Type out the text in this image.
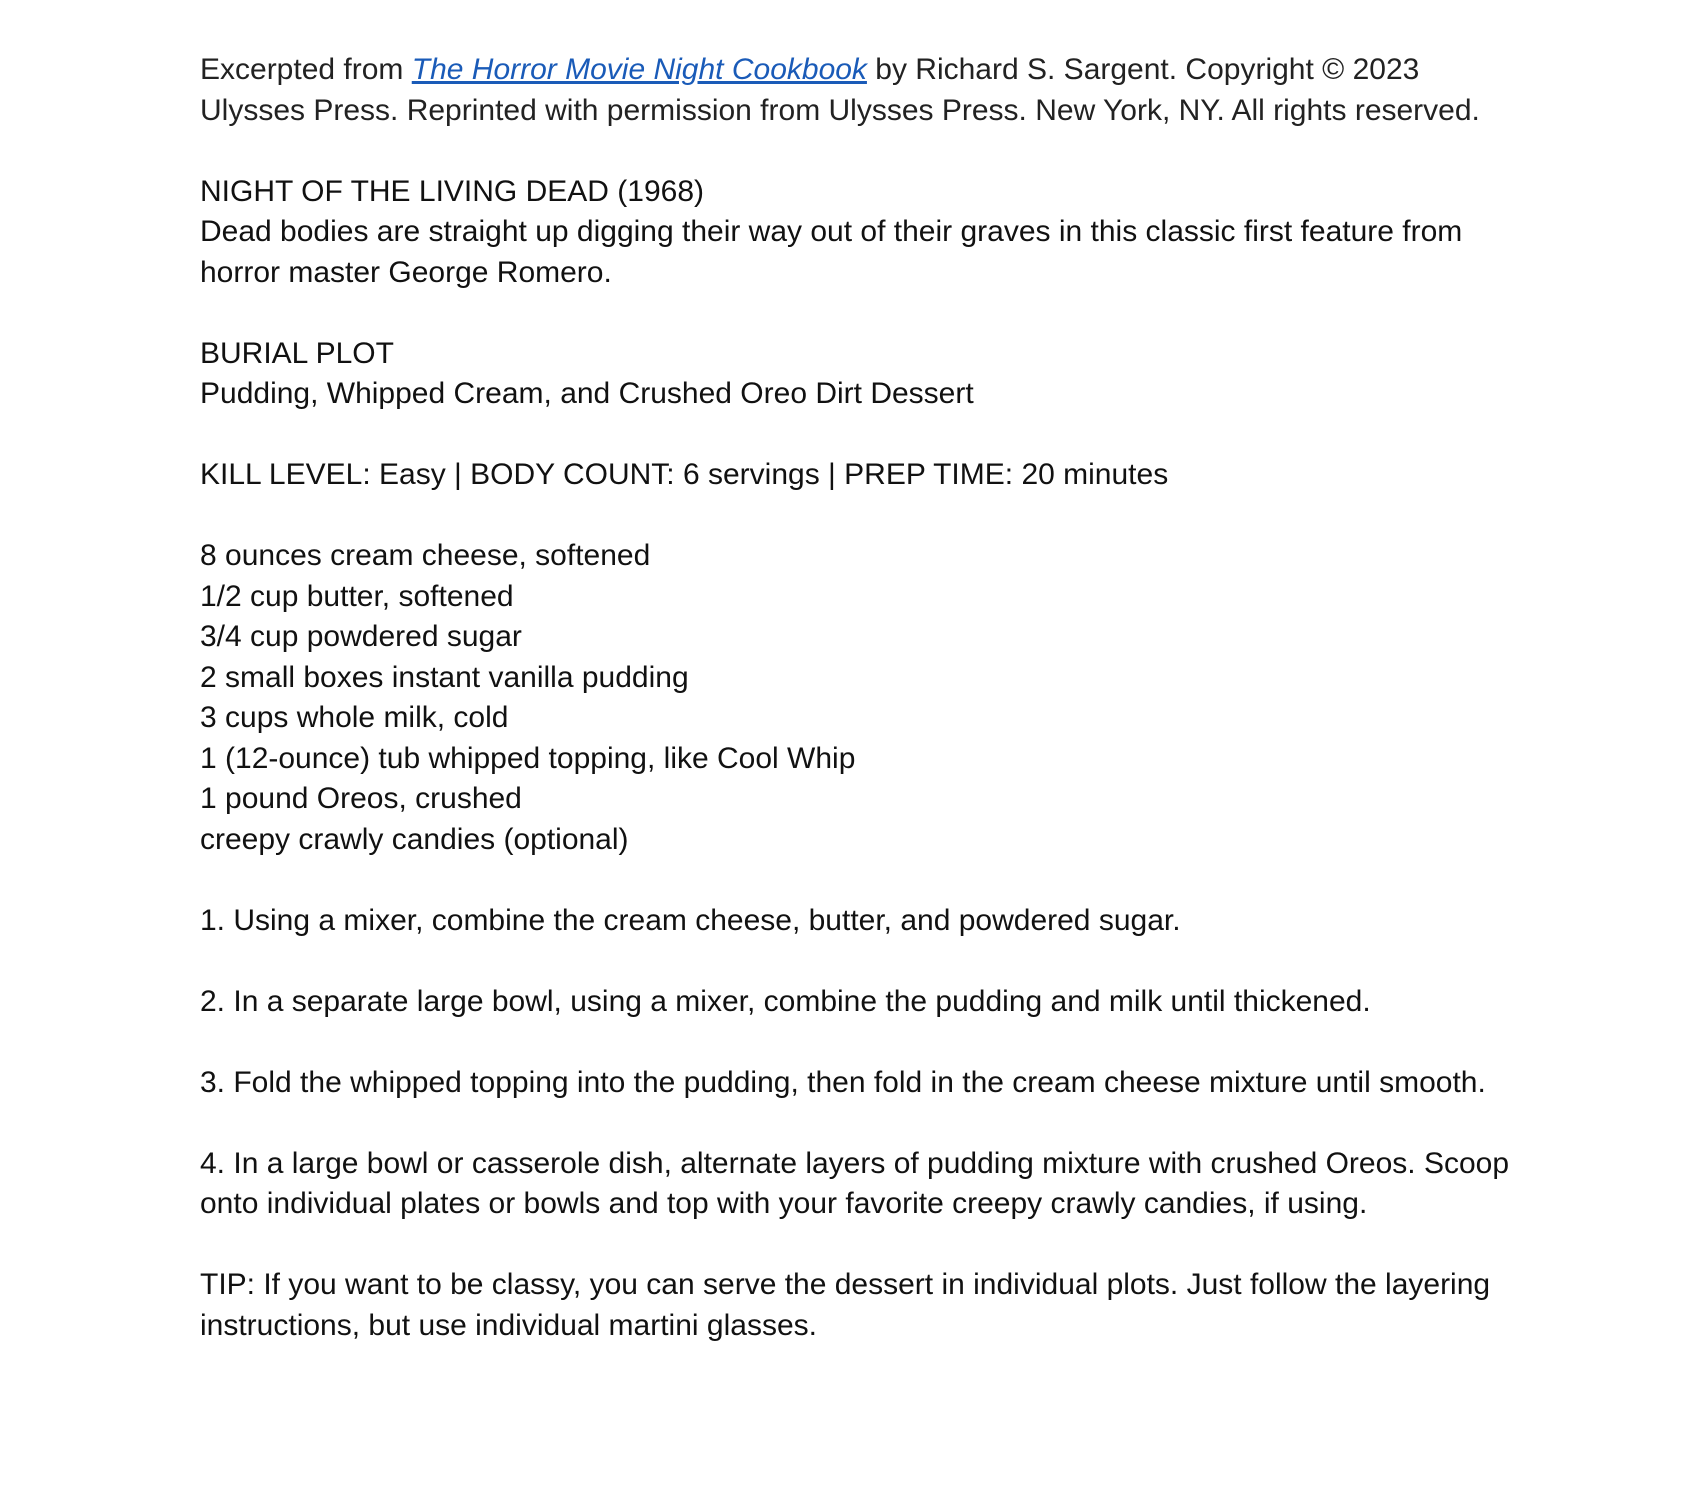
Excerpted from The Horror Movie Night Cookbook by Richard S. Sargent. Copyright © 2023 Ulysses Press. Reprinted with permission from Ulysses Press. New York, NY. All rights reserved.

NIGHT OF THE LIVING DEAD (1968)
Dead bodies are straight up digging their way out of their graves in this classic first feature from horror master George Romero.
BURIAL PLOT
Pudding, Whipped Cream, and Crushed Oreo Dirt Dessert

KILL LEVEL: Easy | BODY COUNT: 6 servings | PREP TIME: 20 minutes

8 ounces cream cheese, softened
1/2 cup butter, softened
3/4 cup powdered sugar
2 small boxes instant vanilla pudding
3 cups whole milk, cold
1 (12-ounce) tub whipped topping, like Cool Whip
1 pound Oreos, crushed
creepy crawly candies (optional)

1. Using a mixer, combine the cream cheese, butter, and powdered sugar.

2. In a separate large bowl, using a mixer, combine the pudding and milk until thickened.

3. Fold the whipped topping into the pudding, then fold in the cream cheese mixture until smooth.

4. In a large bowl or casserole dish, alternate layers of pudding mixture with crushed Oreos. Scoop onto individual plates or bowls and top with your favorite creepy crawly candies, if using.

TIP: If you want to be classy, you can serve the dessert in individual plots. Just follow the layering instructions, but use individual martini glasses.
